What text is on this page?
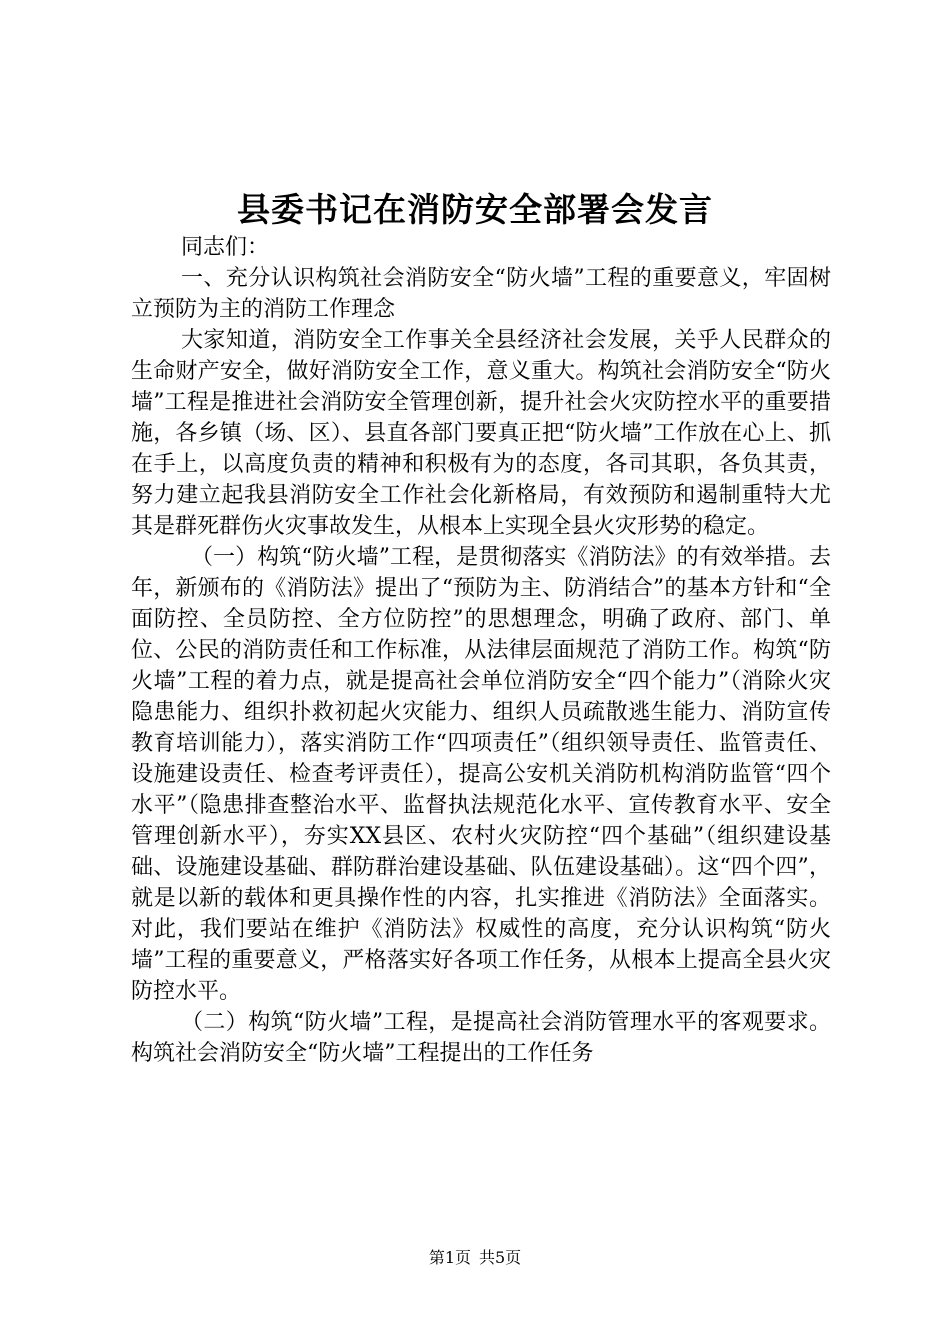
县委书记在消防安全部署会发言

同志们：

一、充分认识构筑社会消防安全“防火墙”工程的重要意义，牢固树立预防为主的消防工作理念

大家知道，消防安全工作事关全县经济社会发展，关乎人民群众的生命财产安全，做好消防安全工作，意义重大。构筑社会消防安全“防火墙”工程是推进社会消防安全管理创新，提升社会火灾防控水平的重要措施，各乡镇（场、区）、县直各部门要真正把“防火墙”工作放在心上、抓在手上，以高度负责的精神和积极有为的态度，各司其职，各负其责，努力建立起我县消防安全工作社会化新格局，有效预防和遏制重特大尤其是群死群伤火灾事故发生，从根本上实现全县火灾形势的稳定。

（一）构筑“防火墙”工程，是贯彻落实《消防法》的有效举措。去年，新颁布的《消防法》提出了“预防为主、防消结合”的基本方针和“全面防控、全员防控、全方位防控”的思想理念，明确了政府、部门、单位、公民的消防责任和工作标准，从法律层面规范了消防工作。构筑“防火墙”工程的着力点，就是提高社会单位消防安全“四个能力”（消除火灾隐患能力、组织扑救初起火灾能力、组织人员疏散逃生能力、消防宣传教育培训能力），落实消防工作“四项责任”（组织领导责任、监管责任、设施建设责任、检查考评责任），提高公安机关消防机构消防监管“四个水平”（隐患排查整治水平、监督执法规范化水平、宣传教育水平、安全管理创新水平），夯实XX县区、农村火灾防控“四个基础”（组织建设基础、设施建设基础、群防群治建设基础、队伍建设基础）。这“四个四”，就是以新的载体和更具操作性的内容，扎实推进《消防法》全面落实。对此，我们要站在维护《消防法》权威性的高度，充分认识构筑“防火墙”工程的重要意义，严格落实好各项工作任务，从根本上提高全县火灾防控水平。

（二）构筑“防火墙”工程，是提高社会消防管理水平的客观要求。构筑社会消防安全“防火墙”工程提出的工作任务

第1页 共5页
